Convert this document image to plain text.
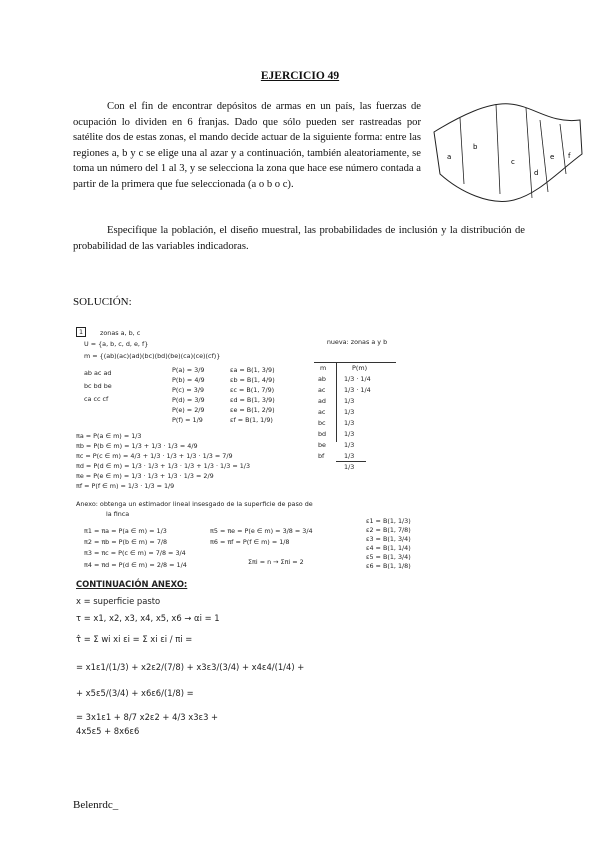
EJERCICIO 49
Con el fin de encontrar depósitos de armas en un país, las fuerzas de ocupación lo dividen en 6 franjas. Dado que sólo pueden ser rastreadas por satélite dos de estas zonas, el mando decide actuar de la siguiente forma: entre las regiones a, b y c se elige una al azar y a continuación, también aleatoriamente, se toma un número del 1 al 3, y se selecciona la zona que hace ese número contada a partir de la primera que fue seleccionada (a o b o c).
a
b
c
d
e f
Especifique la población, el diseño muestral, las probabilidades de inclusión y la distribución de probabilidad de las variables indicadoras.
SOLUCIÓN:
1	zonas a, b, c
U = {a, b, c, d, e, f}
m = {(ab)(ac)(ad)(bc)(bd)(be)(ca)(ce)(cf)}
ab ac ad
bc bd be
ca cc cf
P(a) = 3/9
P(b) = 4/9
P(c) = 3/9
P(d) = 3/9
P(e) = 2/9
P(f) = 1/9
εa = B(1, 3/9)
εb = B(1, 4/9)
εc = B(1, 7/9)
εd = B(1, 3/9)
εe = B(1, 2/9)
εf = B(1, 1/9)
nueva: zonas a y b
m	P(m)
ab	1/3 · 1/4
ac	1/3 · 1/4
ad	1/3
ac	1/3
bc	1/3
bd	1/3
be	1/3
bf	1/3
1/3
πa = P(a ∈ m) = 1/3
πb = P(b ∈ m) = 1/3 + 1/3 · 1/3 = 4/9
πc = P(c ∈ m) = 4/3 + 1/3 · 1/3 + 1/3 · 1/3 = 7/9
πd = P(d ∈ m) = 1/3 · 1/3 + 1/3 · 1/3 + 1/3 · 1/3 = 1/3
πe = P(e ∈ m) = 1/3 · 1/3 + 1/3 · 1/3 = 2/9
πf = P(f ∈ m) = 1/3 · 1/3 = 1/9
Anexo: obtenga un estimador lineal insesgado de la superficie de paso de
la finca
π1 = πa = P(a ∈ m) = 1/3
π2 = πb = P(b ∈ m) = 7/8
π3 = πc = P(c ∈ m) = 7/8 = 3/4
π4 = πd = P(d ∈ m) = 2/8 = 1/4
π5 = πe = P(e ∈ m) = 3/8 = 3/4
π6 = πf = P(f ∈ m) = 1/8
Σπi = n → Σπi = 2
ε1 = B(1, 1/3)
ε2 = B(1, 7/8)
ε3 = B(1, 3/4)
ε4 = B(1, 1/4)
ε5 = B(1, 3/4)
ε6 = B(1, 1/8)
CONTINUACIÓN ANEXO:
x = superficie pasto
τ = x1, x2, x3, x4, x5, x6 → αi = 1
τ̂ = Σ wi xi εi = Σ xi εi / πi =
= x1ε1/(1/3) + x2ε2/(7/8) + x3ε3/(3/4) + x4ε4/(1/4) +
+ x5ε5/(3/4) + x6ε6/(1/8) =
= 3x1ε1 + 8/7 x2ε2 + 4/3 x3ε3 +
4x5ε5 + 8x6ε6
Belenrdc_
